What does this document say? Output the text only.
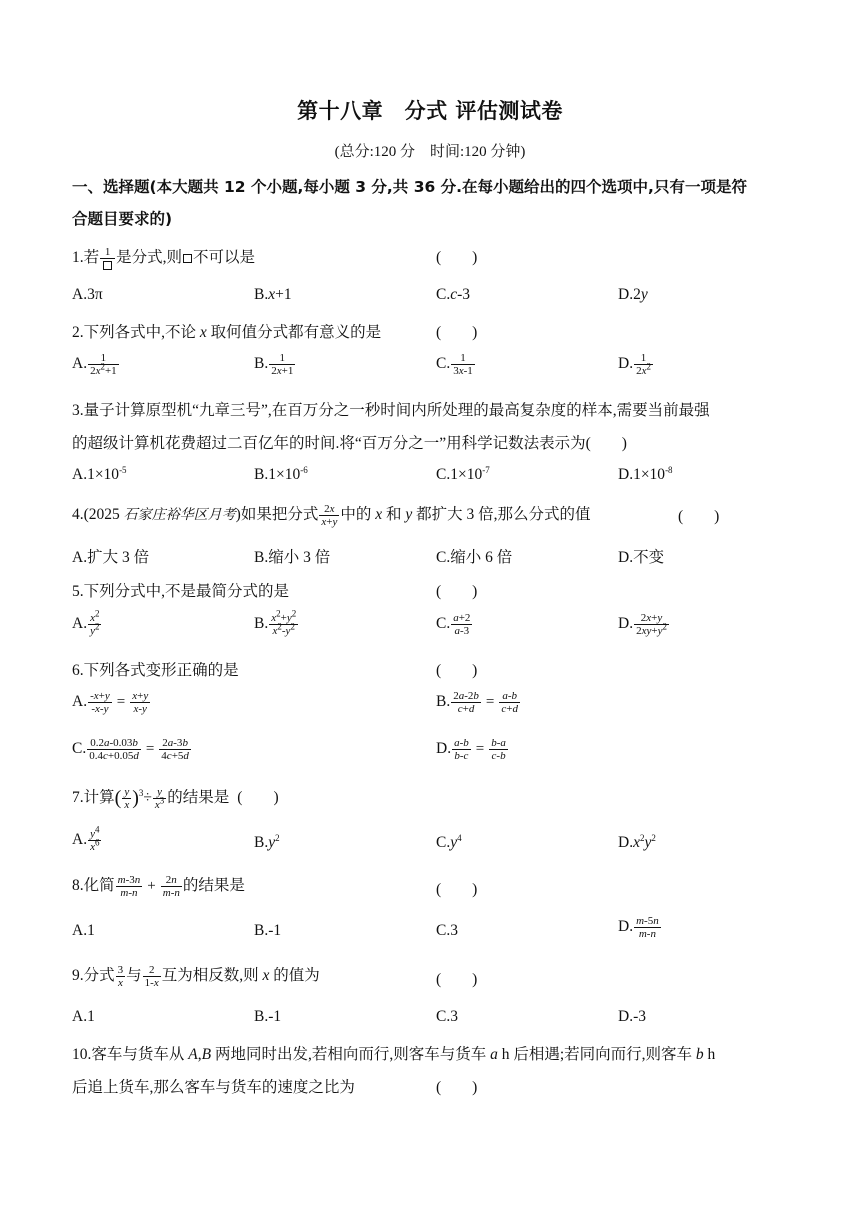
第十八章　分式 评估测试卷
(总分:120 分　时间:120 分钟)
一、选择题(本大题共 12 个小题,每小题 3 分,共 36 分.在每小题给出的四个选项中,只有一项是符
合题目要求的)
1.若 1 是分式,则 不可以是	(　　)
A.3π	B.x+1	C.c-3	D.2y
2.下列各式中,不论 x 取何值分式都有意义的是	(　　)
A. $\frac{1}{2x^2+1}$	B. $\frac{1}{2x+1}$	C. $\frac{1}{3x-1}$	D. $\frac{1}{2x^2}$
3.量子计算原型机“九章三号”,在百万分之一秒时间内所处理的最高复杂度的样本,需要当前最强
的超级计算机花费超过二百亿年的时间.将“百万分之一”用科学记数法表示为(　　)
$A.1\times 10^{-5}$	$B.1\times 10^{-6}$	$C.1\times 10^{-7}$	$D.1\times 10^{-8}$
4.(2025 石家庄裕华区月考)如果把分式 $\frac{2x}{x+y}$ 中的 x 和 y 都扩大 3 倍,那么分式的值	(　　)
A.扩大 3 倍	B.缩小 3 倍	C.缩小 6 倍	D.不变
5.下列分式中,不是最简分式的是	(　　)
A. $\frac{x^2}{y^2}$	B. $\frac{x^2+y^2}{x^2-y^2}$	C. $\frac{a+2}{a-3}$	D. $\frac{2x+y}{2xy+y^2}$
6.下列各式变形正确的是	(　　)
A. $\frac{-x+y}{-x-y} = \frac{x+y}{x-y}$	B. $\frac{2a-2b}{c+d} = \frac{a-b}{c+d}$
C. $\frac{0.2a-0.03b}{0.4c+0.05d} = \frac{2a-3b}{4c+5d}$	D. $\frac{a-b}{b-c} = \frac{b-a}{c-b}$
7.计算( $\frac{y}{x} )^3\div \frac{y}{x^3}$ 的结果是 (　　)
A. $\frac{y^4}{x^6}$	$B.y^2$	$C.y^4$	$D.x^2y^2$
8.化简 $\frac{m-3n}{m-n} + \frac{2n}{m-n}$ 的结果是	(　　)
A.1	B.-1	C.3	D. $\frac{m-5n}{m-n}$
9.分式 $\frac{3}{x}$ 与 $\frac{2}{1-x}$ 互为相反数,则 x 的值为	(　　)
A.1	B.-1	C.3	D.-3
10.客车与货车从 A,B 两地同时出发,若相向而行,则客车与货车 a h 后相遇;若同向而行,则客车 b h
后追上货车,那么客车与货车的速度之比为	(　　)
